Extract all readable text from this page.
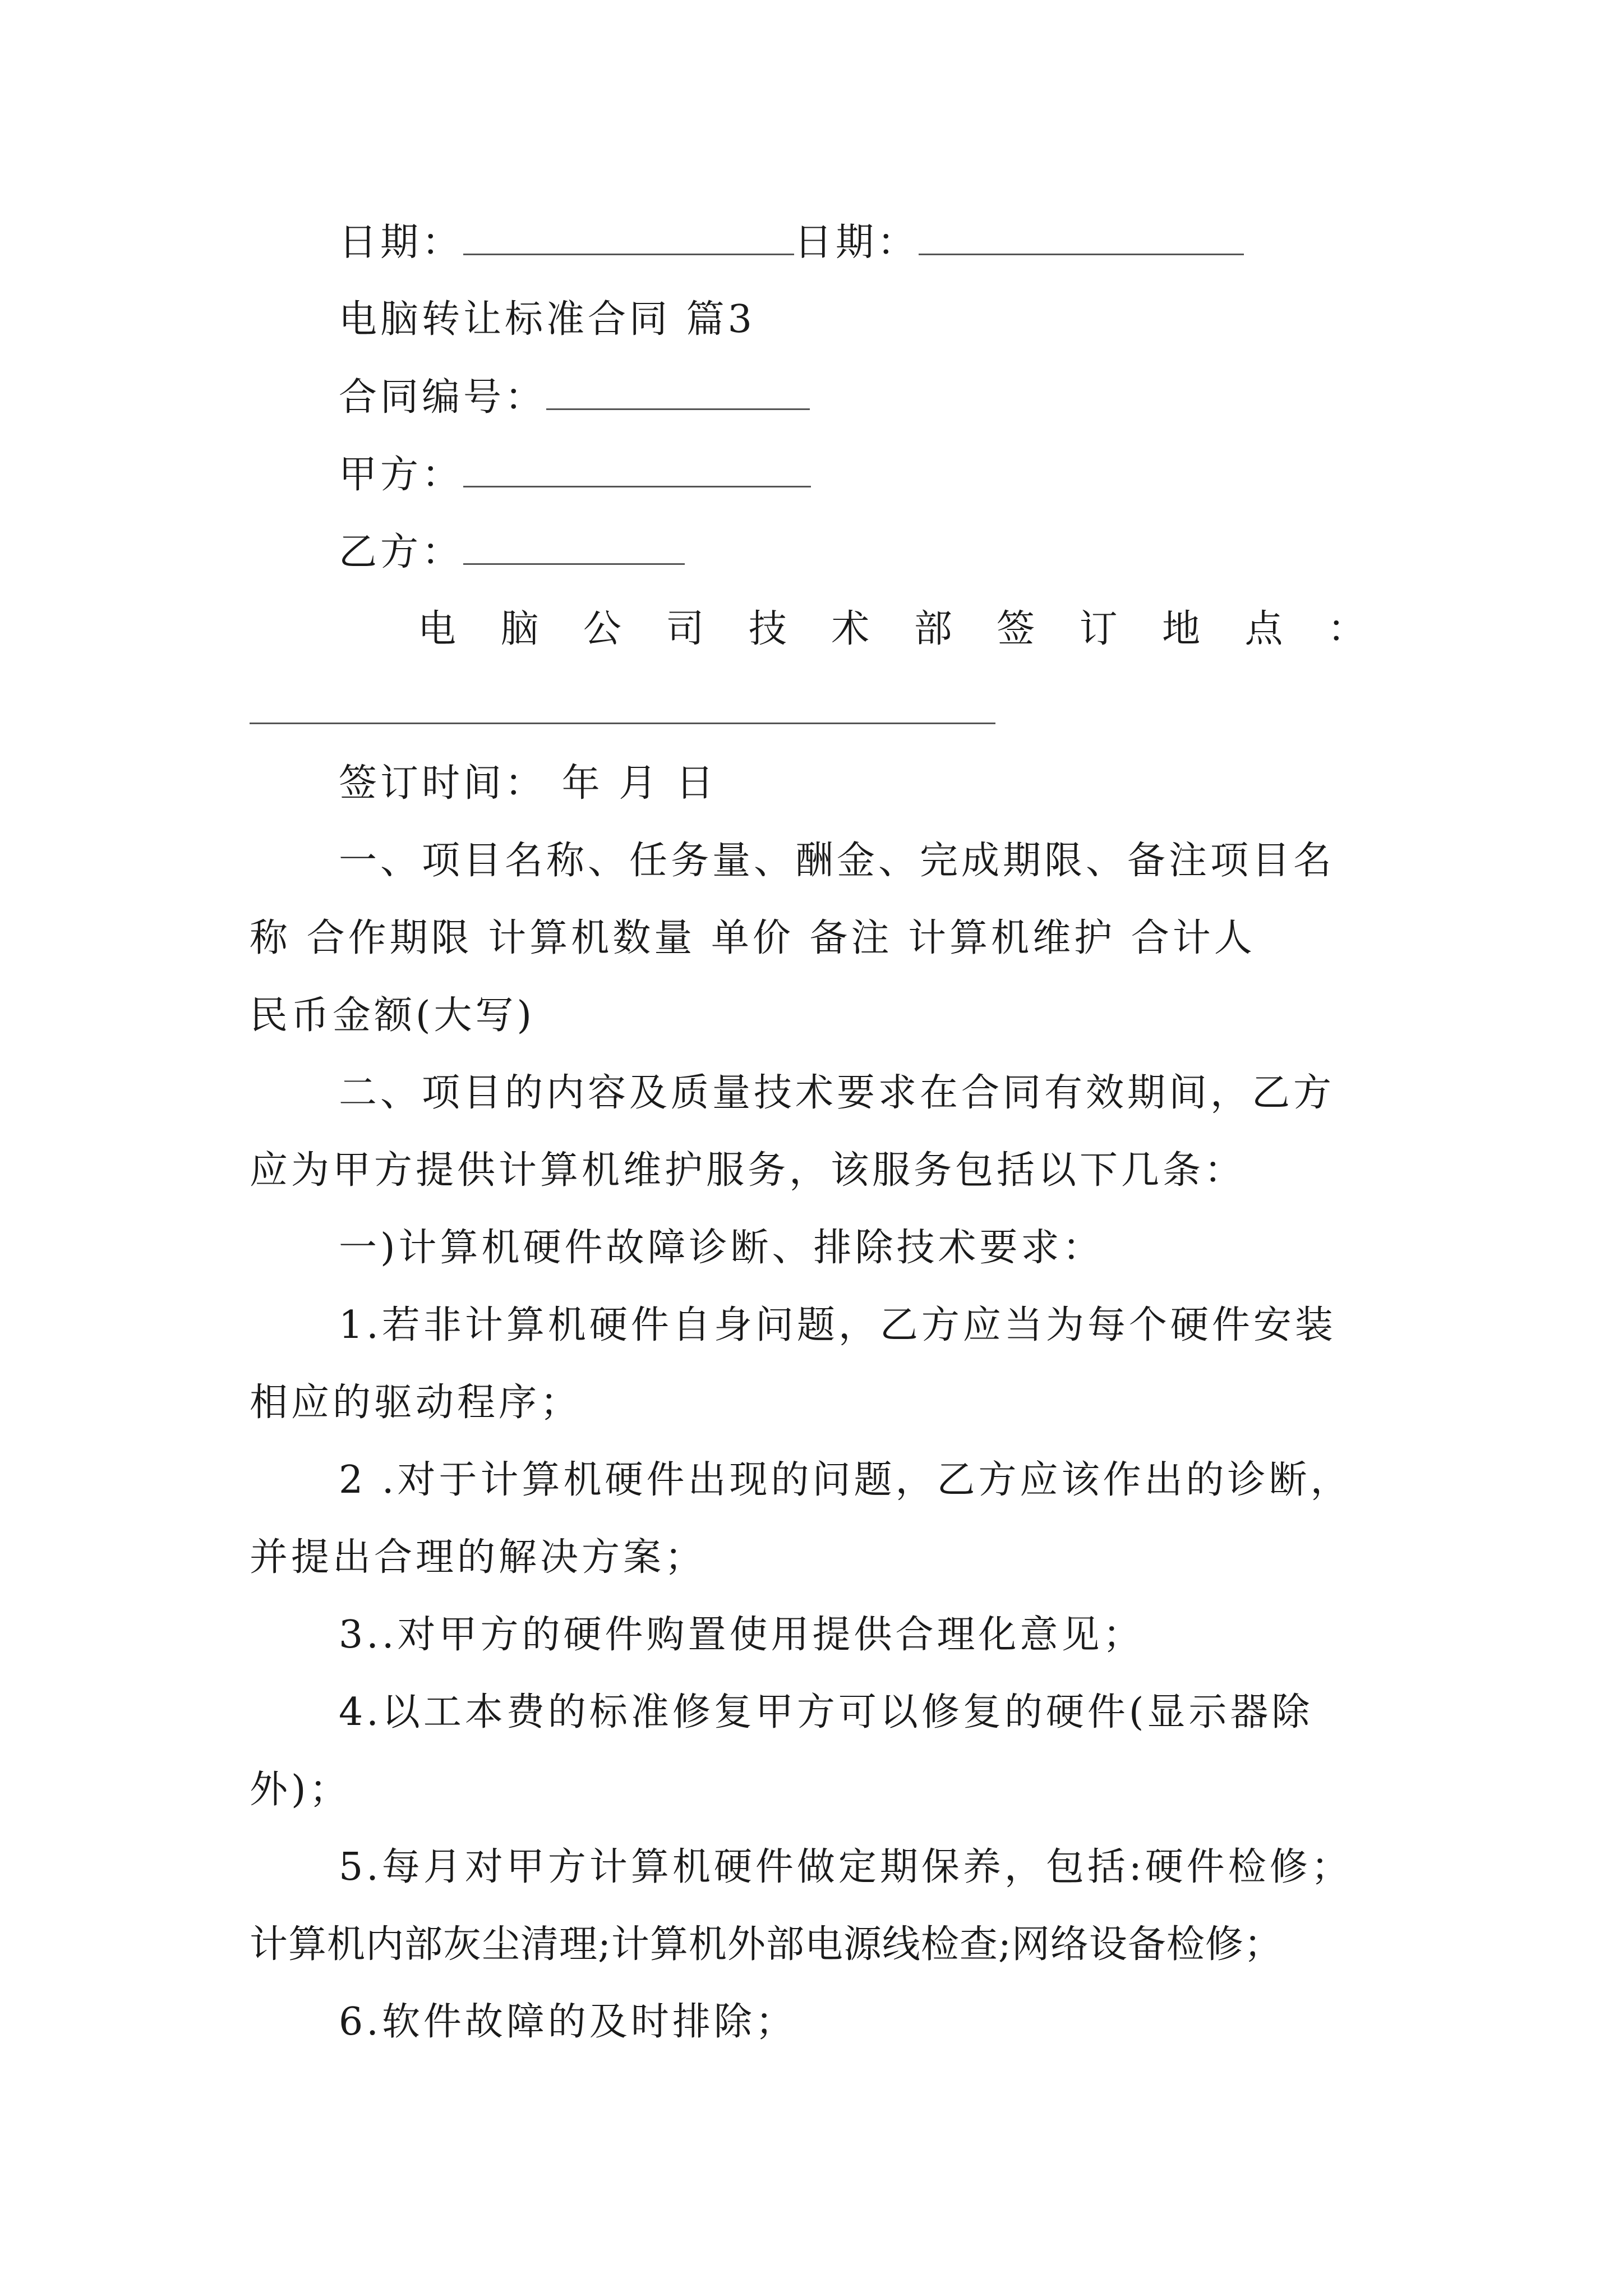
日期：	日期：
电脑转让标准合同 篇3
合同编号：
甲方：
乙方：
电 脑 公 司 技 术 部 签 订 地 点 ：
签订时间： 年 月 日
一、项目名称、任务量、酬金、完成期限、备注项目名
称 合作期限 计算机数量 单价 备注 计算机维护 合计人
民币金额(大写)
二、项目的内容及质量技术要求在合同有效期间，乙方
应为甲方提供计算机维护服务，该服务包括以下几条：
一)计算机硬件故障诊断、排除技术要求：
1.若非计算机硬件自身问题，乙方应当为每个硬件安装
相应的驱动程序；
2 .对于计算机硬件出现的问题，乙方应该作出的诊断，
并提出合理的解决方案；
3..对甲方的硬件购置使用提供合理化意见；
4.以工本费的标准修复甲方可以修复的硬件(显示器除
外)；
5.每月对甲方计算机硬件做定期保养，包括:硬件检修；
计算机内部灰尘清理;计算机外部电源线检查;网络设备检修；
6.软件故障的及时排除；
